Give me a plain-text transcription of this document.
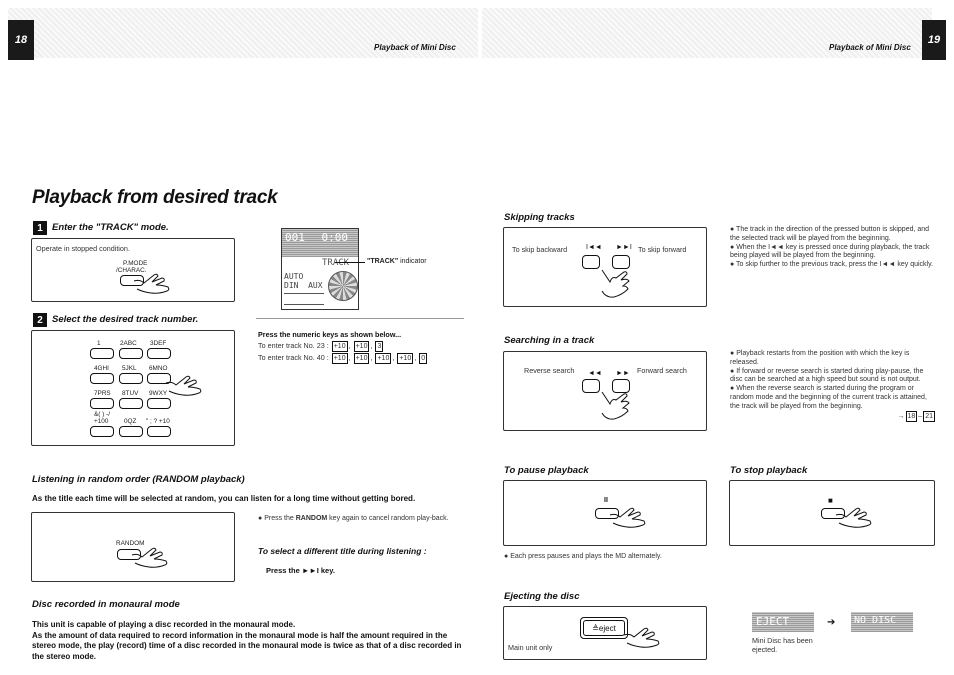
18	19
Playback of Mini Disc	Playback of Mini Disc
Playback from desired track
1 Enter the "TRACK" mode.
Operate in stopped condition.
P.MODE
/CHARAC.
001 0:00
TRACK
AUTO
DIN  AUX
"TRACK" indicator
2 Select the desired track number.
1	2ABC 3DEF
4GHI 5JKL 6MNO
7PRS 8TUV 9WXY
&( ) -/
+100 0QZ " ; ? +10
Press the numeric keys as shown below...
To enter track No. 23 : +10 , +10 , 3
To enter track No. 40 : +10 , +10 , +10 , +10 , 0
Listening in random order (RANDOM playback)
As the title each time will be selected at random, you can listen for a long time without getting bored.
RANDOM
● Press the RANDOM key again to cancel random play-back.
To select a different title during listening :
Press the ►►I key.
Disc recorded in monaural mode
This unit is capable of playing a disc recorded in the monaural mode.
As the amount of data required to record information in the monaural mode is half the amount required in the stereo mode, the play (record) time of a disc recorded in the monaural mode is twice as that of a disc recorded in the stereo mode.
Skipping tracks
To skip backward	To skip forward
I◄◄ ►►I
● The track in the direction of the pressed button is skipped, and the selected track will be played from the beginning.
● When the I◄◄ key is pressed once during playback, the track being played will be played from the beginning.
● To skip further to the previous track, press the I◄◄ key quickly.
Searching in a track
Reverse search	Forward search
◄◄ ►►
● Playback restarts from the position with which the key is released.
● If forward or reverse search is started during play-pause, the disc can be searched at a high speed but sound is not output.
● When the reverse search is started during the program or random mode and the beginning of the current track is attained, the track will be played from the beginning.
→ 18 – 21
To pause playback
II
● Each press pauses and plays the MD alternately.
To stop playback
■
Ejecting the disc
≜ eject
Main unit only
EJECT	➔	NO DISC
Mini Disc has been ejected.
